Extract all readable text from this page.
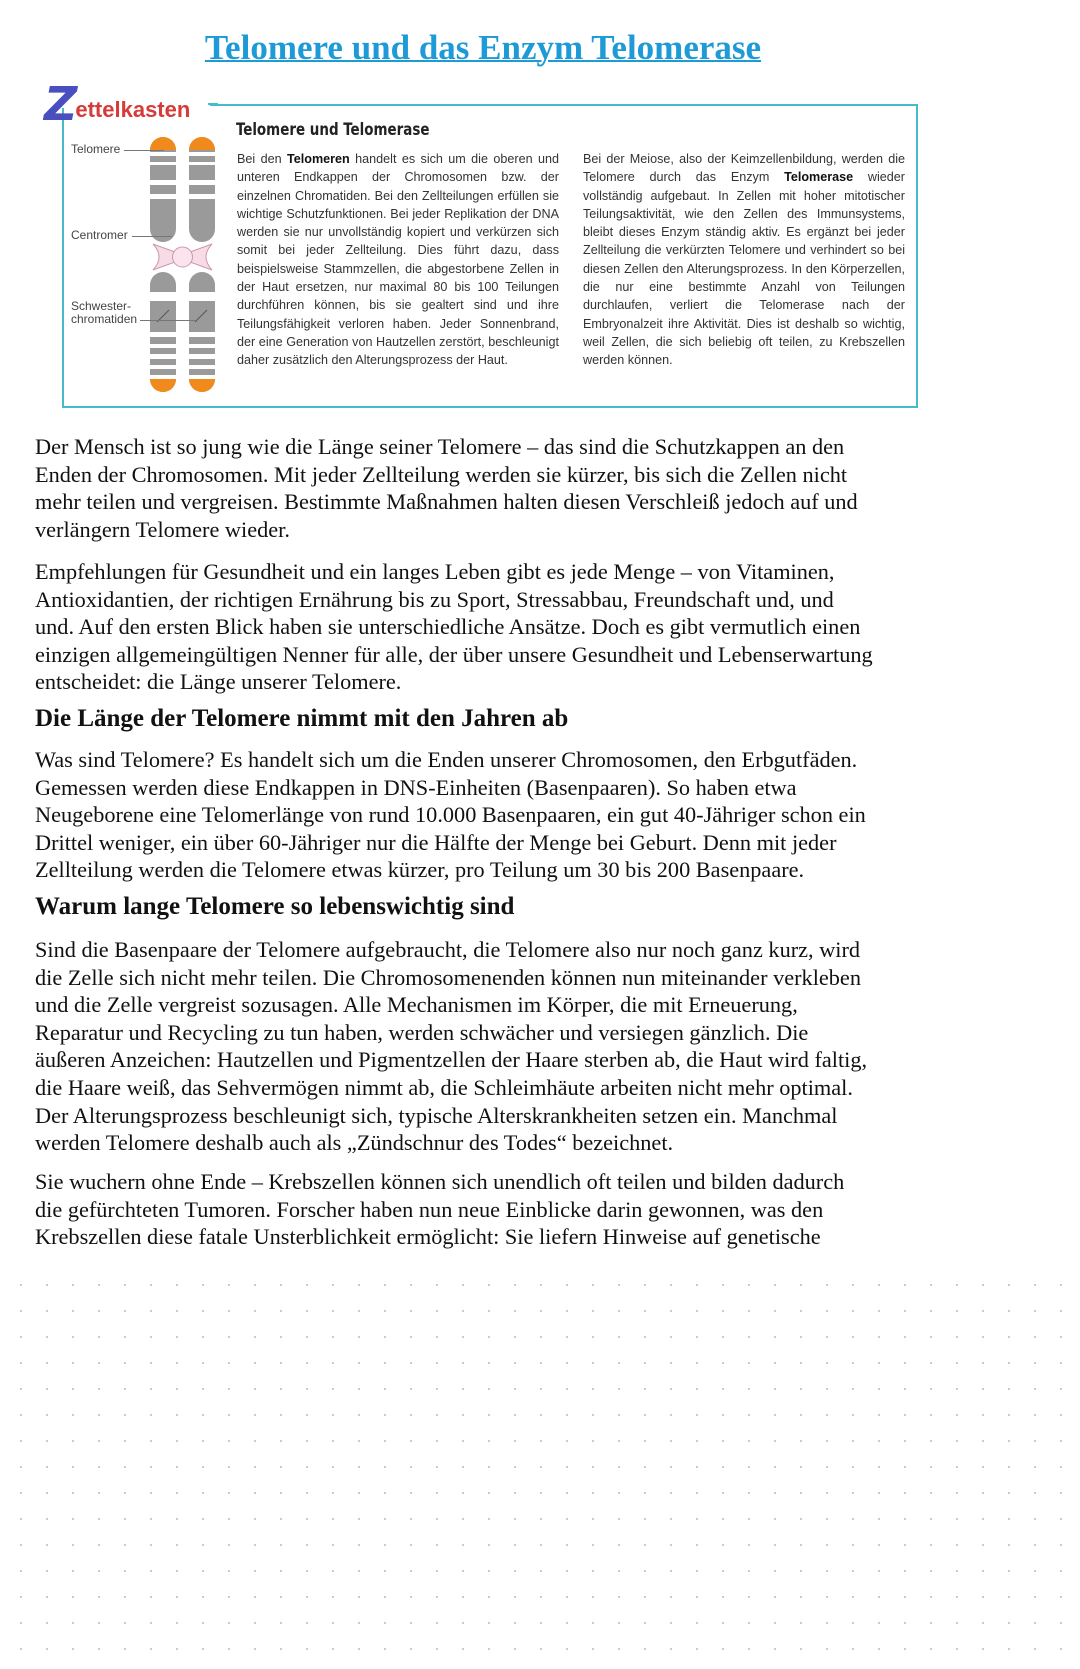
Telomere und das Enzym Telomerase
Z
ettelkasten
Telomere
Centromer
Schwester-
chromatiden
Telomere und Telomerase
Bei den Telomeren handelt es sich um die oberen und unteren Endkappen der Chromosomen bzw. der einzelnen Chromatiden. Bei den Zellteilungen erfüllen sie wichtige Schutzfunktionen. Bei jeder Replikation der DNA werden sie nur unvollständig kopiert und verkürzen sich somit bei jeder Zellteilung. Dies führt dazu, dass beispielsweise Stammzellen, die abgestorbene Zellen in der Haut ersetzen, nur maximal 80 bis 100 Teilungen durchführen können, bis sie gealtert sind und ihre Teilungsfähigkeit verloren haben. Jeder Sonnenbrand, der eine Generation von Hautzellen zerstört, beschleunigt daher zusätzlich den Alterungsprozess der Haut.
Bei der Meiose, also der Keimzellenbildung, werden die Telomere durch das Enzym Telomerase wieder vollständig aufgebaut. In Zellen mit hoher mitotischer Teilungsaktivität, wie den Zellen des Immunsystems, bleibt dieses Enzym ständig aktiv. Es ergänzt bei jeder Zellteilung die verkürzten Telomere und verhindert so bei diesen Zellen den Alterungsprozess. In den Körperzellen, die nur eine bestimmte Anzahl von Teilungen durchlaufen, verliert die Telomerase nach der Embryonalzeit ihre Aktivität. Dies ist deshalb so wichtig, weil Zellen, die sich beliebig oft teilen, zu Krebszellen werden können.
Der Mensch ist so jung wie die Länge seiner Telomere – das sind die Schutzkappen an den
Enden der Chromosomen. Mit jeder Zellteilung werden sie kürzer, bis sich die Zellen nicht
mehr teilen und vergreisen. Bestimmte Maßnahmen halten diesen Verschleiß jedoch auf und
verlängern Telomere wieder.
Empfehlungen für Gesundheit und ein langes Leben gibt es jede Menge – von Vitaminen,
Antioxidantien, der richtigen Ernährung bis zu Sport, Stressabbau, Freundschaft und, und
und. Auf den ersten Blick haben sie unterschiedliche Ansätze. Doch es gibt vermutlich einen
einzigen allgemeingültigen Nenner für alle, der über unsere Gesundheit und Lebenserwartung
entscheidet: die Länge unserer Telomere.
Die Länge der Telomere nimmt mit den Jahren ab
Was sind Telomere? Es handelt sich um die Enden unserer Chromosomen, den Erbgutfäden.
Gemessen werden diese Endkappen in DNS-Einheiten (Basenpaaren). So haben etwa
Neugeborene eine Telomerlänge von rund 10.000 Basenpaaren, ein gut 40-Jähriger schon ein
Drittel weniger, ein über 60-Jähriger nur die Hälfte der Menge bei Geburt. Denn mit jeder
Zellteilung werden die Telomere etwas kürzer, pro Teilung um 30 bis 200 Basenpaare.
Warum lange Telomere so lebenswichtig sind
Sind die Basenpaare der Telomere aufgebraucht, die Telomere also nur noch ganz kurz, wird
die Zelle sich nicht mehr teilen. Die Chromosomenenden können nun miteinander verkleben
und die Zelle vergreist sozusagen. Alle Mechanismen im Körper, die mit Erneuerung,
Reparatur und Recycling zu tun haben, werden schwächer und versiegen gänzlich. Die
äußeren Anzeichen: Hautzellen und Pigmentzellen der Haare sterben ab, die Haut wird faltig,
die Haare weiß, das Sehvermögen nimmt ab, die Schleimhäute arbeiten nicht mehr optimal.
Der Alterungsprozess beschleunigt sich, typische Alterskrankheiten setzen ein. Manchmal
werden Telomere deshalb auch als „Zündschnur des Todes“ bezeichnet.
Sie wuchern ohne Ende – Krebszellen können sich unendlich oft teilen und bilden dadurch
die gefürchteten Tumoren. Forscher haben nun neue Einblicke darin gewonnen, was den
Krebszellen diese fatale Unsterblichkeit ermöglicht: Sie liefern Hinweise auf genetische
